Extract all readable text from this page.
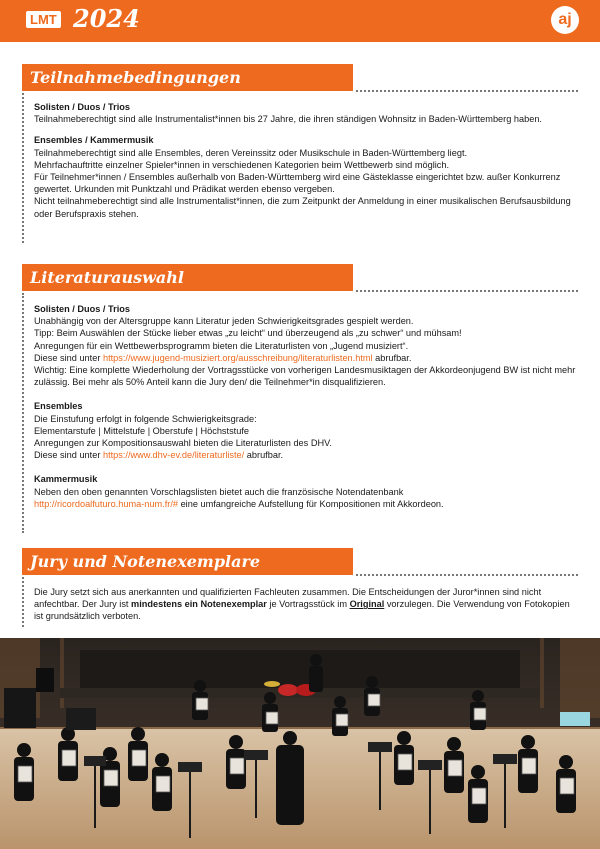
LMT 2024	aj
Teilnahmebedingungen

Solisten / Duos / Trios

Teilnahmeberechtigt sind alle Instrumentalist*innen bis 27 Jahre, die ihren ständigen Wohnsitz in Baden-Württemberg haben.

Ensembles / Kammermusik

Teilnahmeberechtigt sind alle Ensembles, deren Vereinssitz oder Musikschule in Baden-Württemberg liegt.

Mehrfachauftritte einzelner Spieler*innen in verschiedenen Kategorien beim Wettbewerb sind möglich.

Für Teilnehmer*innen / Ensembles außerhalb von Baden-Württemberg wird eine Gästeklasse eingerichtet bzw. außer Konkurrenz gewertet. Urkunden mit Punktzahl und Prädikat werden ebenso vergeben.

Nicht teilnahmeberechtigt sind alle Instrumentalist*innen, die zum Zeitpunkt der Anmeldung in einer musikalischen Berufsausbildung oder Berufspraxis stehen.

Literaturauswahl

Solisten / Duos / Trios

Unabhängig von der Altersgruppe kann Literatur jeden Schwierigkeitsgrades gespielt werden.

Tipp: Beim Auswählen der Stücke lieber etwas „zu leicht“ und überzeugend als „zu schwer“ und mühsam!

Anregungen für ein Wettbewerbsprogramm bieten die Literaturlisten von „Jugend musiziert“.

Diese sind unter https://www.jugend-musiziert.org/ausschreibung/literaturlisten.html abrufbar.

Wichtig: Eine komplette Wiederholung der Vortragsstücke von vorherigen Landesmusiktagen der Akkordeonjugend BW ist nicht mehr zulässig. Bei mehr als 50% Anteil kann die Jury den/ die Teilnehmer*in disqualifizieren.

Ensembles

Die Einstufung erfolgt in folgende Schwierigkeitsgrade:

Elementarstufe | Mittelstufe | Oberstufe | Höchststufe

Anregungen zur Kompositionsauswahl bieten die Literaturlisten des DHV.

Diese sind unter https://www.dhv-ev.de/literaturliste/ abrufbar.

Kammermusik

Neben den oben genannten Vorschlagslisten bietet auch die französische Notendatenbank

http://ricordoalfuturo.huma-num.fr/# eine umfangreiche Aufstellung für Kompositionen mit Akkordeon.

Jury und Notenexemplare

Die Jury setzt sich aus anerkannten und qualifizierten Fachleuten zusammen. Die Entscheidungen der Juror*innen sind nicht anfechtbar. Der Jury ist mindestens ein Notenexemplar je Vortragsstück im Original vorzulegen. Die Verwendung von Fotokopien ist grundsätzlich verboten.
